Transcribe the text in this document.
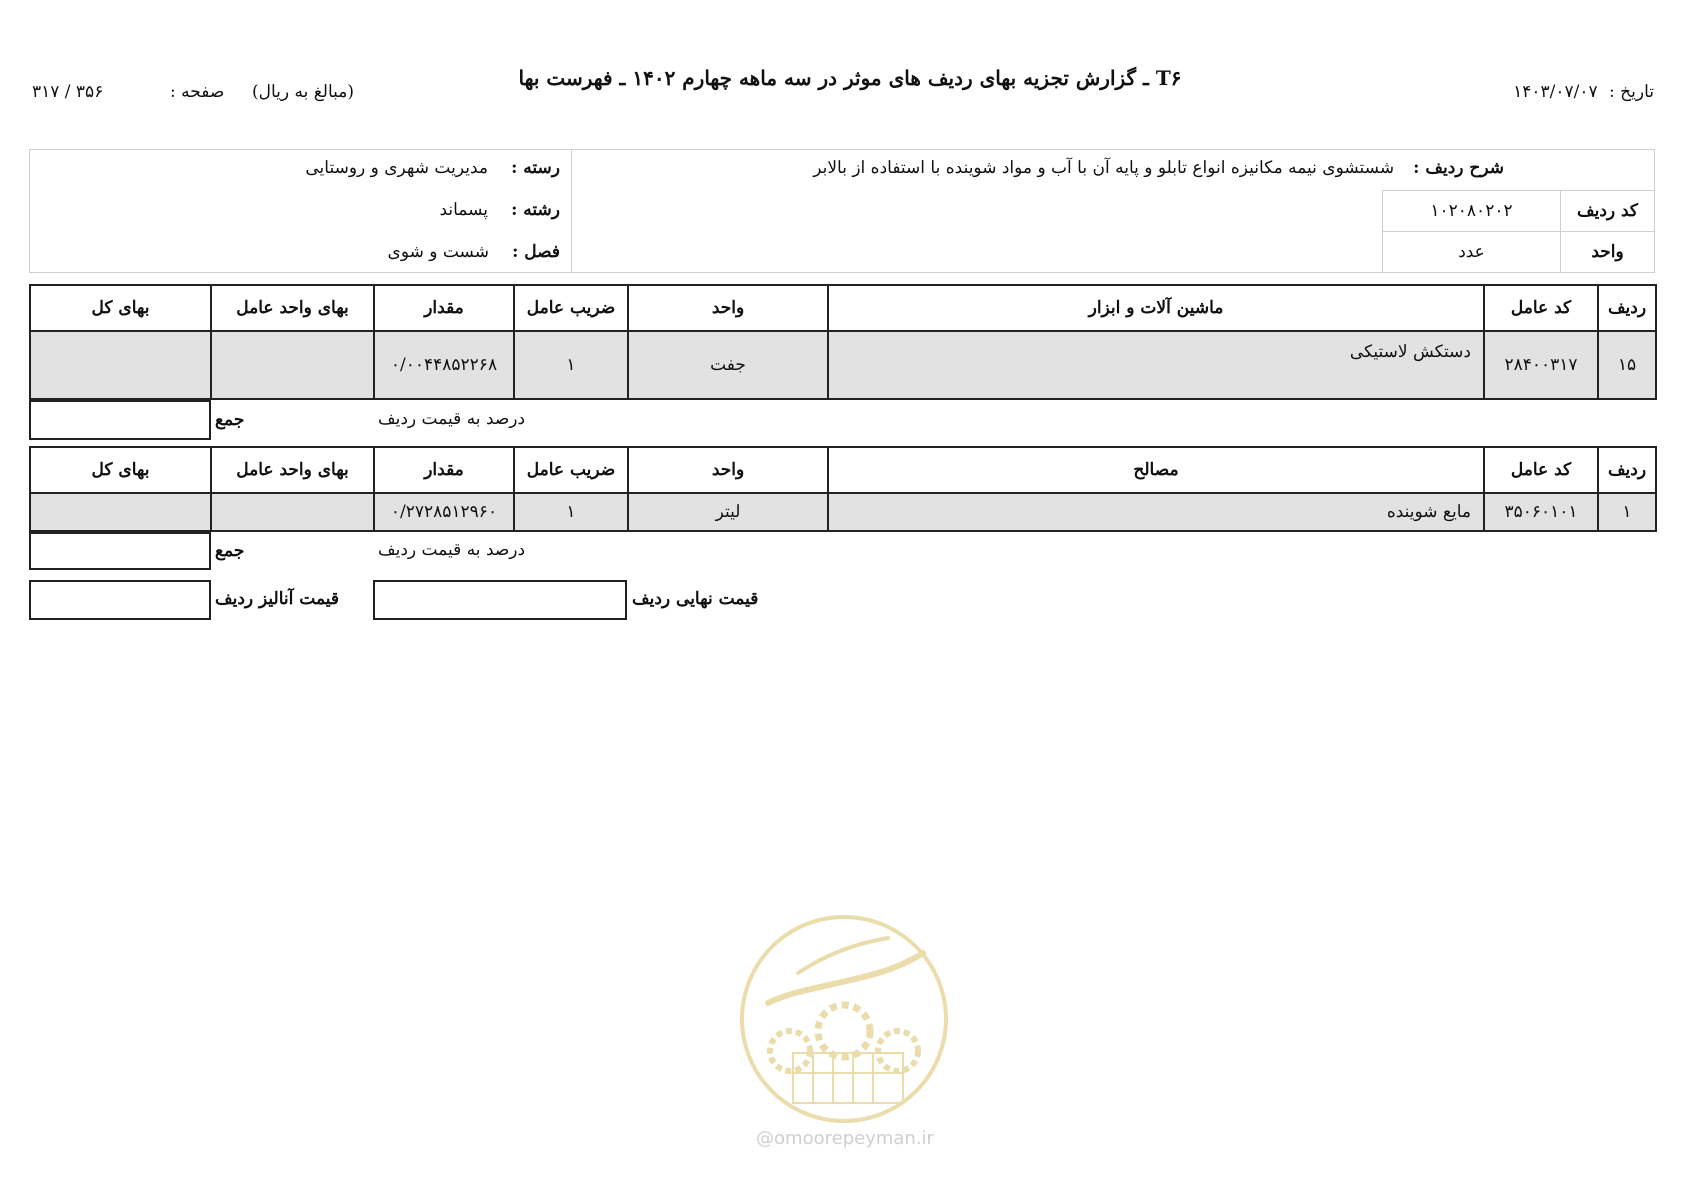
T۶ ـ گزارش تجزیه بهای ردیف های موثر در سه ماهه چهارم ۱۴۰۲ ـ فهرست بها
تاریخ : ۱۴۰۳/۰۷/۰۷
(مبالغ به ریال)
صفحه :
۳۱۷ / ۳۵۶
شرح ردیف : شستشوی نیمه مکانیزه انواع تابلو و پایه آن با آب و مواد شوینده با استفاده از بالابر
کد ردیف
۱۰۲۰۸۰۲۰۲
واحد
عدد
رسته : مدیریت شهری و روستایی
رشته : پسماند
فصل : شست و شوی
ردیف	کد عامل	ماشین آلات و ابزار	واحد	ضریب عامل	مقدار	بهای واحد عامل	بهای کل
۱۵	۲۸۴۰۰۳۱۷	دستکش لاستیکی	جفت	۱	۰/۰۰۴۴۸۵۲۲۶۸		
جمع	درصد به قیمت ردیف
ردیف	کد عامل	مصالح	واحد	ضریب عامل	مقدار	بهای واحد عامل	بهای کل
۱	۳۵۰۶۰۱۰۱	مایع شوینده	لیتر	۱	۰/۲۷۲۸۵۱۲۹۶۰		
جمع	درصد به قیمت ردیف
قیمت نهایی ردیف
قیمت آنالیز ردیف
@omoorepeyman.ir
